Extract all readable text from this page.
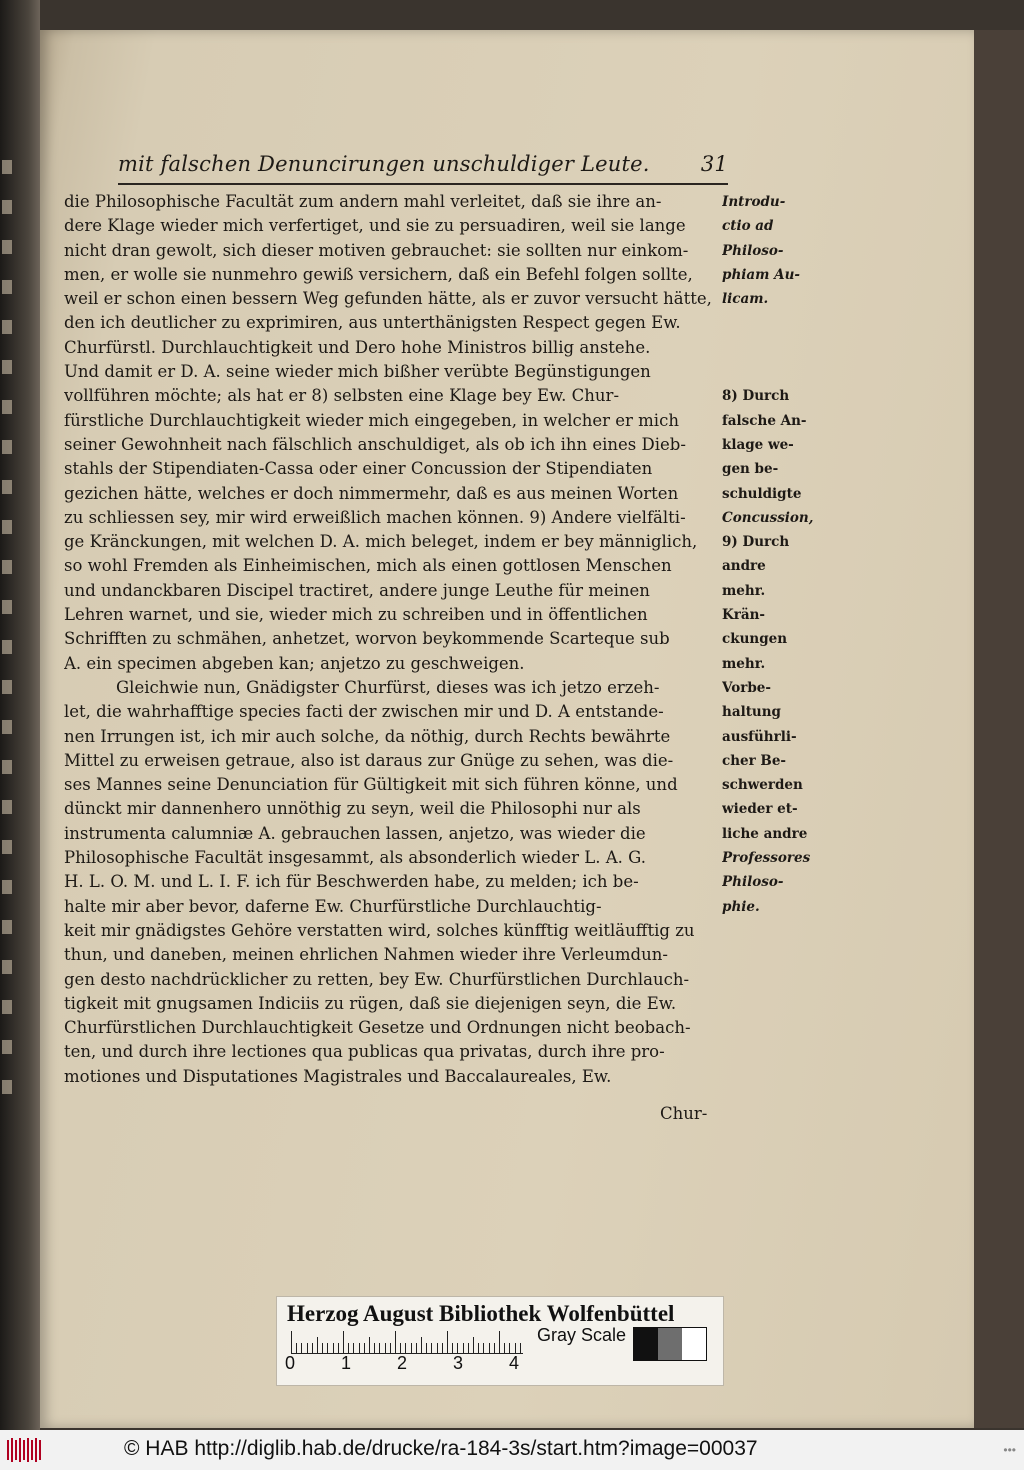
mit falschen Denuncirungen unschuldiger Leute. 31
die Philosophische Facultät zum andern mahl verleitet, daß sie ihre an-
dere Klage wieder mich verfertiget, und sie zu persuadiren, weil sie lange
nicht dran gewolt, sich dieser motiven gebrauchet: sie sollten nur einkom-
men, er wolle sie nunmehro gewiß versichern, daß ein Befehl folgen sollte,
weil er schon einen bessern Weg gefunden hätte, als er zuvor versucht hätte,
den ich deutlicher zu exprimiren, aus unterthänigsten Respect gegen Ew.
Churfürstl. Durchlauchtigkeit und Dero hohe Ministros billig anstehe.
Und damit er D. A. seine wieder mich bißher verübte Begünstigungen
vollführen möchte; als hat er 8) selbsten eine Klage bey Ew. Chur-
fürstliche Durchlauchtigkeit wieder mich eingegeben, in welcher er mich
seiner Gewohnheit nach fälschlich anschuldiget, als ob ich ihn eines Dieb-
stahls der Stipendiaten-Cassa oder einer Concussion der Stipendiaten
gezichen hätte, welches er doch nimmermehr, daß es aus meinen Worten
zu schliessen sey, mir wird erweißlich machen können. 9) Andere vielfälti-
ge Kränckungen, mit welchen D. A. mich beleget, indem er bey männiglich,
so wohl Fremden als Einheimischen, mich als einen gottlosen Menschen
und undanckbaren Discipel tractiret, andere junge Leuthe für meinen
Lehren warnet, und sie, wieder mich zu schreiben und in öffentlichen
Schrifften zu schmähen, anhetzet, worvon beykommende Scarteque sub
A. ein specimen abgeben kan; anjetzo zu geschweigen.
Gleichwie nun, Gnädigster Churfürst, dieses was ich jetzo erzeh-
let, die wahrhafftige species facti der zwischen mir und D. A entstande-
nen Irrungen ist, ich mir auch solche, da nöthig, durch Rechts bewährte
Mittel zu erweisen getraue, also ist daraus zur Gnüge zu sehen, was die-
ses Mannes seine Denunciation für Gültigkeit mit sich führen könne, und
dünckt mir dannenhero unnöthig zu seyn, weil die Philosophi nur als
instrumenta calumniæ A. gebrauchen lassen, anjetzo, was wieder die
Philosophische Facultät insgesammt, als absonderlich wieder L. A. G.
H. L. O. M. und L. I. F. ich für Beschwerden habe, zu melden; ich be-
halte mir aber bevor, daferne Ew. Churfürstliche Durchlauchtig-
keit mir gnädigstes Gehöre verstatten wird, solches künfftig weitläufftig zu
thun, und daneben, meinen ehrlichen Nahmen wieder ihre Verleumdun-
gen desto nachdrücklicher zu retten, bey Ew. Churfürstlichen Durchlauch-
tigkeit mit gnugsamen Indiciis zu rügen, daß sie diejenigen seyn, die Ew.
Churfürstlichen Durchlauchtigkeit Gesetze und Ordnungen nicht beobach-
ten, und durch ihre lectiones qua publicas qua privatas, durch ihre pro-
motiones und Disputationes Magistrales und Baccalaureales, Ew.
Introdu-
ctio ad
Philoso-
phiam Au-
licam.
8) Durch
falsche An-
klage we-
gen be-
schuldigte
Concussion,
9) Durch
andre
mehr.
Krän-
ckungen
mehr.
Vorbe-
haltung
ausführli-
cher Be-
schwerden
wieder et-
liche andre
Professores
Philoso-
phie.
Chur-
Herzog August Bibliothek Wolfenbüttel
0	1	2	3	4
Gray Scale
© HAB http://diglib.hab.de/drucke/ra-184-3s/start.htm?image=00037	•••
